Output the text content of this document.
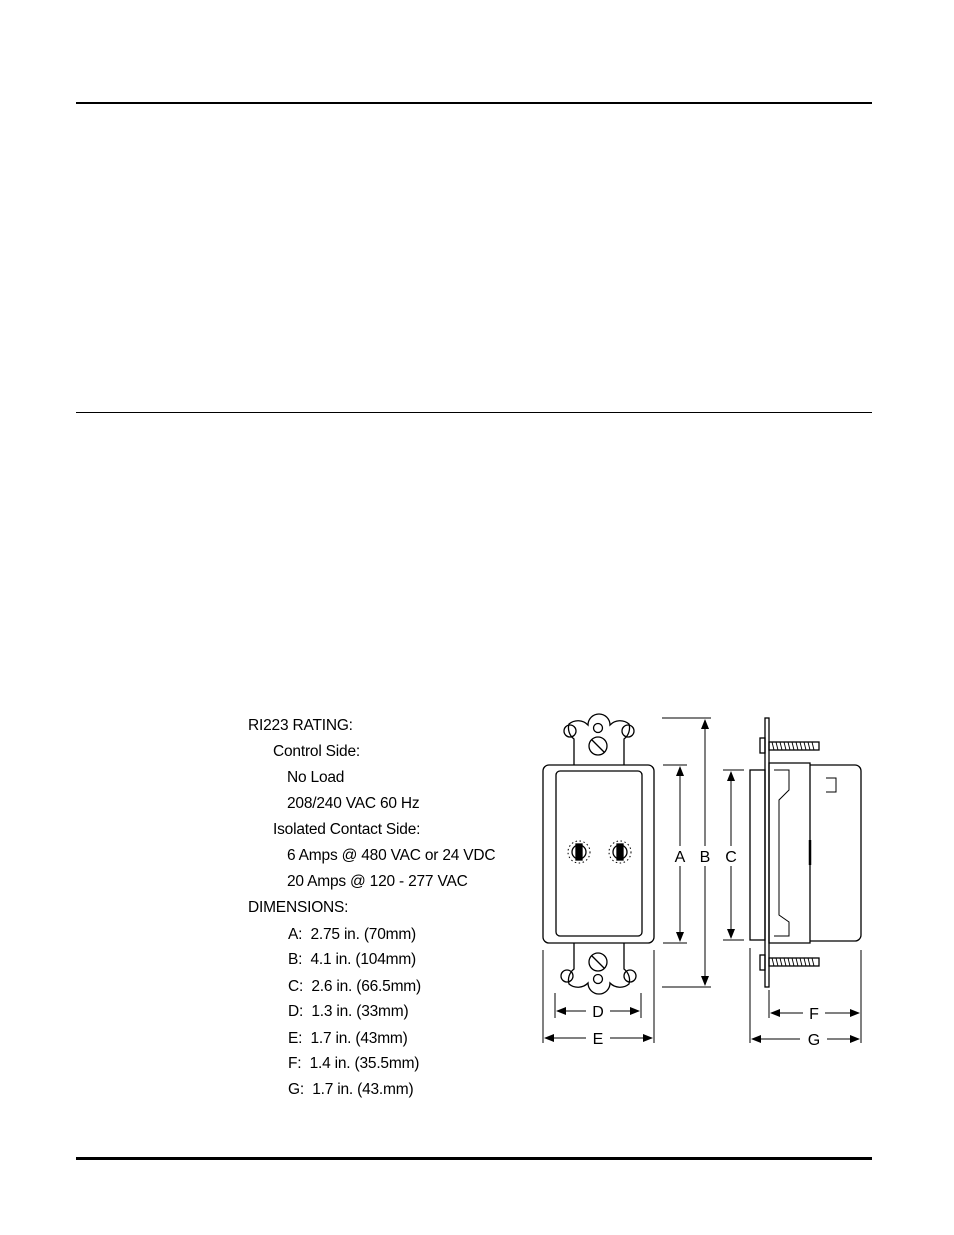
RI223 RATING:
Control Side:
No Load
208/240 VAC 60 Hz
Isolated Contact Side:
6 Amps @ 480 VAC or 24 VDC
20 Amps @ 120 - 277 VAC
DIMENSIONS:
A: 2.75 in. (70mm)
B: 4.1 in. (104mm)
C: 2.6 in. (66.5mm)
D: 1.3 in. (33mm)
E: 1.7 in. (43mm)
F: 1.4 in. (35.5mm)
G: 1.7 in. (43.mm)
A B
D
E
C
F
G
